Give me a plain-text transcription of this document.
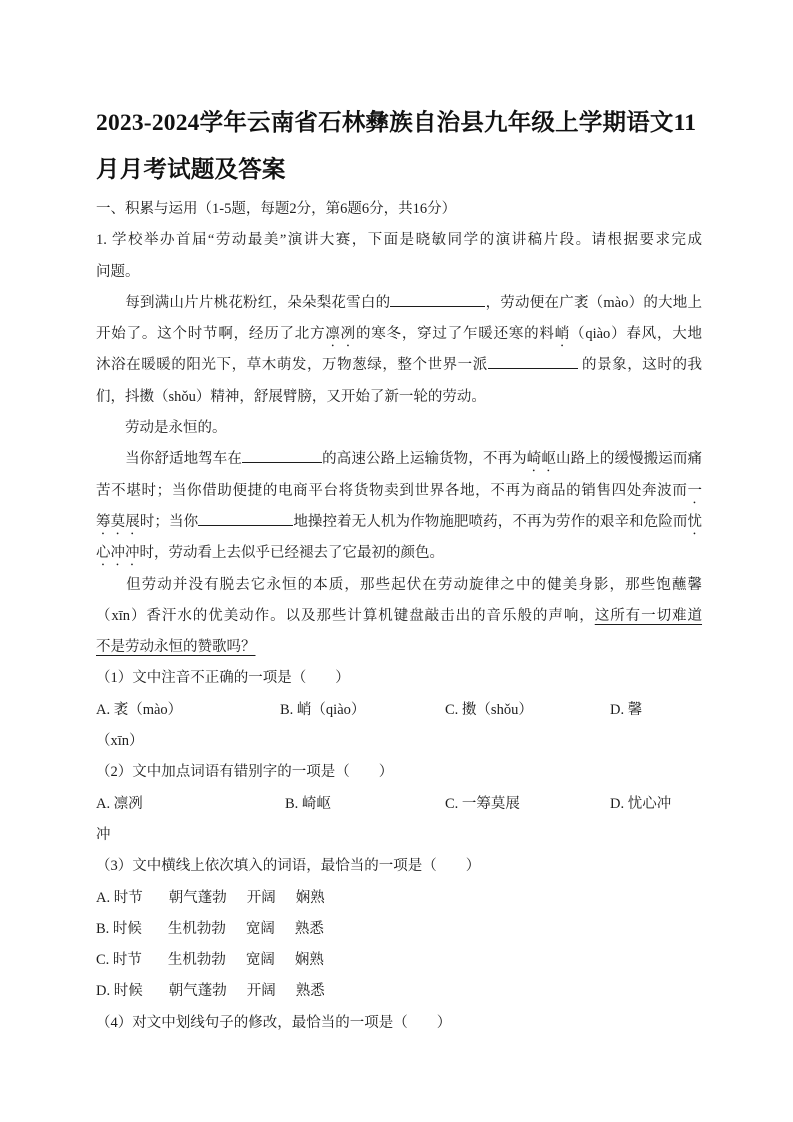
2023-2024学年云南省石林彝族自治县九年级上学期语文11
月月考试题及答案
一、积累与运用（1-5题，每题2分，第6题6分，共16分）
1. 学校举办首届“劳动最美”演讲大赛，下面是晓敏同学的演讲稿片段。请根据要求完成
问题。
每到满山片片桃花粉红，朵朵梨花雪白的	，劳动便在广袤（mào）的大地上
开始了。这个时节啊，经历了北方凛冽的寒冬，穿过了乍暖还寒的料峭（qiào）春风，大地
沐浴在暖暖的阳光下，草木萌发，万物葱绿，整个世界一派	的景象，这时的我
们，抖擞（shǒu）精神，舒展臂膀，又开始了新一轮的劳动。
劳动是永恒的。
当你舒适地驾车在	的高速公路上运输货物，不再为崎岖山路上的缓慢搬运而痛
苦不堪时；当你借助便捷的电商平台将货物卖到世界各地，不再为商品的销售四处奔波而一
筹莫展时；当你	地操控着无人机为作物施肥喷药，不再为劳作的艰辛和危险而忧
心冲冲时，劳动看上去似乎已经褪去了它最初的颜色。
但劳动并没有脱去它永恒的本质，那些起伏在劳动旋律之中的健美身影，那些饱蘸馨
（xīn）香汗水的优美动作。以及那些计算机键盘敲击出的音乐般的声响，这所有一切难道
不是劳动永恒的赞歌吗？
（1）文中注音不正确的一项是（　　）
A. 袤（mào）	B. 峭（qiào）	C. 擞（shǒu）	D. 馨
（xīn）
（2）文中加点词语有错别字的一项是（　　）
A. 凛冽	B. 崎岖	C. 一筹莫展	D. 忧心冲
冲
（3）文中横线上依次填入的词语，最恰当的一项是（　　）
A. 时节 朝气蓬勃 开阔 娴熟
B. 时候 生机勃勃 宽阔 熟悉
C. 时节 生机勃勃 宽阔 娴熟
D. 时候 朝气蓬勃 开阔 熟悉
（4）对文中划线句子的修改，最恰当的一项是（　　）
